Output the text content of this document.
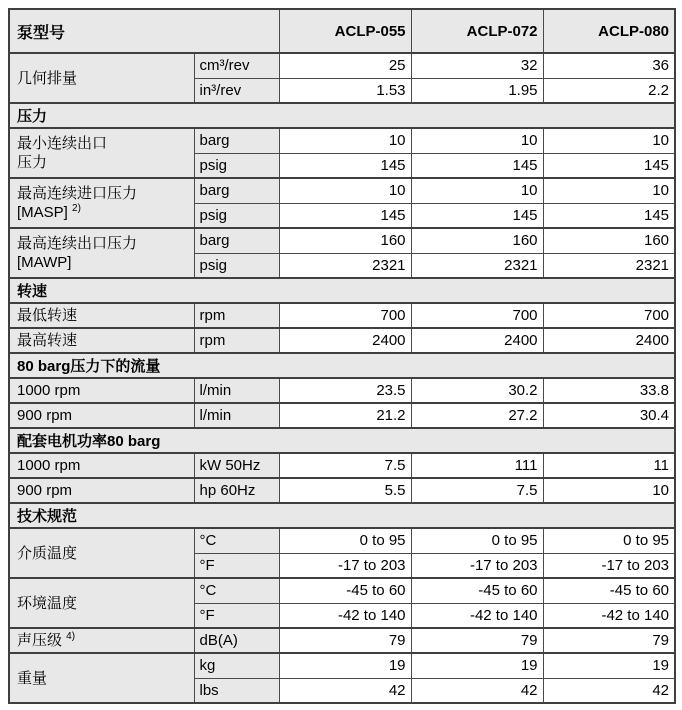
泵型号		ACLP-055	ACLP-072	ACLP-080

几何排量	cm³/rev	25	32	36
	in³/rev	1.53	1.95	2.2
压力				

最小连续出口
压力	barg	10	10	10
	psig	145	145	145

最高连续进口压力
[MASP] $^{2)}$	barg	10	10	10
	psig	145	145	145

最高连续出口压力
[MAWP]	barg	160	160	160
	psig	2321	2321	2321
转速				

最低转速	rpm	700	700	700

最高转速	rpm	2400	2400	2400
80 barg压力下的流量				

1000 rpm	l/min	23.5	30.2	33.8

900 rpm	l/min	21.2	27.2	30.4
配套电机功率80 barg				

1000 rpm	kW 50Hz	7.5	111	11

900 rpm	hp 60Hz	5.5	7.5	10
技术规范				

介质温度	°C	0 to 95	0 to 95	0 to 95
	°F	-17 to 203	-17 to 203	-17 to 203

环境温度	°C	-45 to 60	-45 to 60	-45 to 60
	°F	-42 to 140	-42 to 140	-42 to 140

声压级 $^{4)}$	dB(A)	79	79	79

重量	kg	19	19	19
	lbs	42	42	42
